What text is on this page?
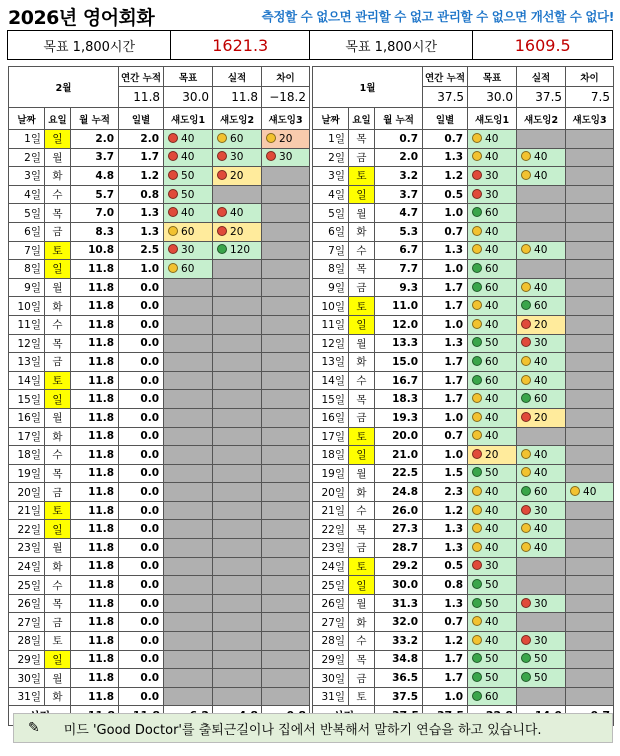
2026년 영어회화	측정할 수 없으면 관리할 수 없고 관리할 수 없으면 개선할 수 없다!
목표 1,800시간	1621.3	목표 1,800시간	1609.5
2월			연간 누적	목표	실적	차이
			11.8	30.0	11.8	−18.2
날짜	요일	월 누적	일별	섀도잉1	섀도잉2	섀도잉3
1일	일	2.0	2.0	40	60	20
2일	월	3.7	1.7	40	30	30
3일	화	4.8	1.2	50	20	
4일	수	5.7	0.8	50		
5일	목	7.0	1.3	40	40	
6일	금	8.3	1.3	60	20	
7일	토	10.8	2.5	30	120	
8일	일	11.8	1.0	60		
9일	월	11.8	0.0			
10일	화	11.8	0.0			
11일	수	11.8	0.0			
12일	목	11.8	0.0			
13일	금	11.8	0.0			
14일	토	11.8	0.0			
15일	일	11.8	0.0			
16일	월	11.8	0.0			
17일	화	11.8	0.0			
18일	수	11.8	0.0			
19일	목	11.8	0.0			
20일	금	11.8	0.0			
21일	토	11.8	0.0			
22일	일	11.8	0.0			
23일	월	11.8	0.0			
24일	화	11.8	0.0			
25일	수	11.8	0.0			
26일	목	11.8	0.0			
27일	금	11.8	0.0			
28일	토	11.8	0.0			
29일	일	11.8	0.0			
30일	월	11.8	0.0			
31일	화	11.8	0.0			

1월			연간 누적	목표	실적	차이
			37.5	30.0	37.5	7.5
날짜	요일	월 누적	일별	섀도잉1	섀도잉2	섀도잉3
1일	목	0.7	0.7	40		
2일	금	2.0	1.3	40	40	
3일	토	3.2	1.2	30	40	
4일	일	3.7	0.5	30		
5일	월	4.7	1.0	60		
6일	화	5.3	0.7	40		
7일	수	6.7	1.3	40	40	
8일	목	7.7	1.0	60		
9일	금	9.3	1.7	60	40	
10일	토	11.0	1.7	40	60	
11일	일	12.0	1.0	40	20	
12일	월	13.3	1.3	50	30	
13일	화	15.0	1.7	60	40	
14일	수	16.7	1.7	60	40	
15일	목	18.3	1.7	40	60	
16일	금	19.3	1.0	40	20	
17일	토	20.0	0.7	40		
18일	일	21.0	1.0	20	40	
19일	월	22.5	1.5	50	40	
20일	화	24.8	2.3	40	60	40
21일	수	26.0	1.2	40	30	
22일	목	27.3	1.3	40	40	
23일	금	28.7	1.3	40	40	
24일	토	29.2	0.5	30		
25일	일	30.0	0.8	50		
26일	월	31.3	1.3	50	30	
27일	화	32.0	0.7	40		
28일	수	33.2	1.2	40	30	
29일	목	34.8	1.7	50	50	
30일	금	36.5	1.7	50	50	
31일	토	37.5	1.0	60		

✎ 미드 'Good Doctor'를 출퇴근길이나 집에서 반복해서 말하기 연습을 하고 있습니다.
